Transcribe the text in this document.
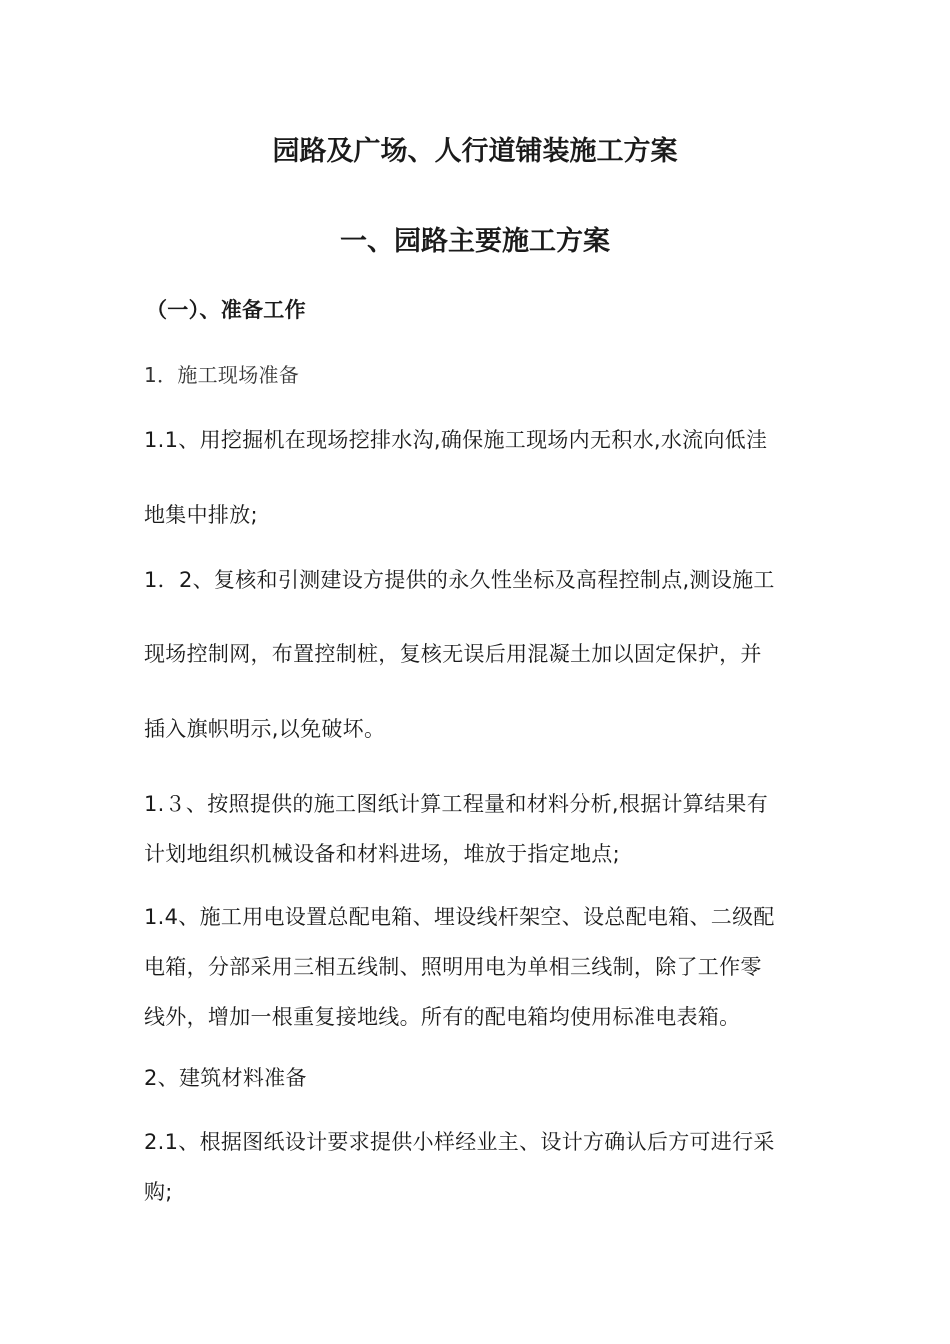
园路及广场、人行道铺装施工方案
一、园路主要施工方案
（一）、准备工作
1．施工现场准备
1.1、用挖掘机在现场挖排水沟,确保施工现场内无积水,水流向低洼
地集中排放;
1．2、复核和引测建设方提供的永久性坐标及高程控制点,测设施工
现场控制网，布置控制桩，复核无误后用混凝土加以固定保护，并
插入旗帜明示,以免破坏。
1.３、按照提供的施工图纸计算工程量和材料分析,根据计算结果有
计划地组织机械设备和材料进场，堆放于指定地点;
1.4、施工用电设置总配电箱、埋设线杆架空、设总配电箱、二级配
电箱，分部采用三相五线制、照明用电为单相三线制，除了工作零
线外，增加一根重复接地线。所有的配电箱均使用标准电表箱。
2、建筑材料准备
2.1、根据图纸设计要求提供小样经业主、设计方确认后方可进行采
购;
